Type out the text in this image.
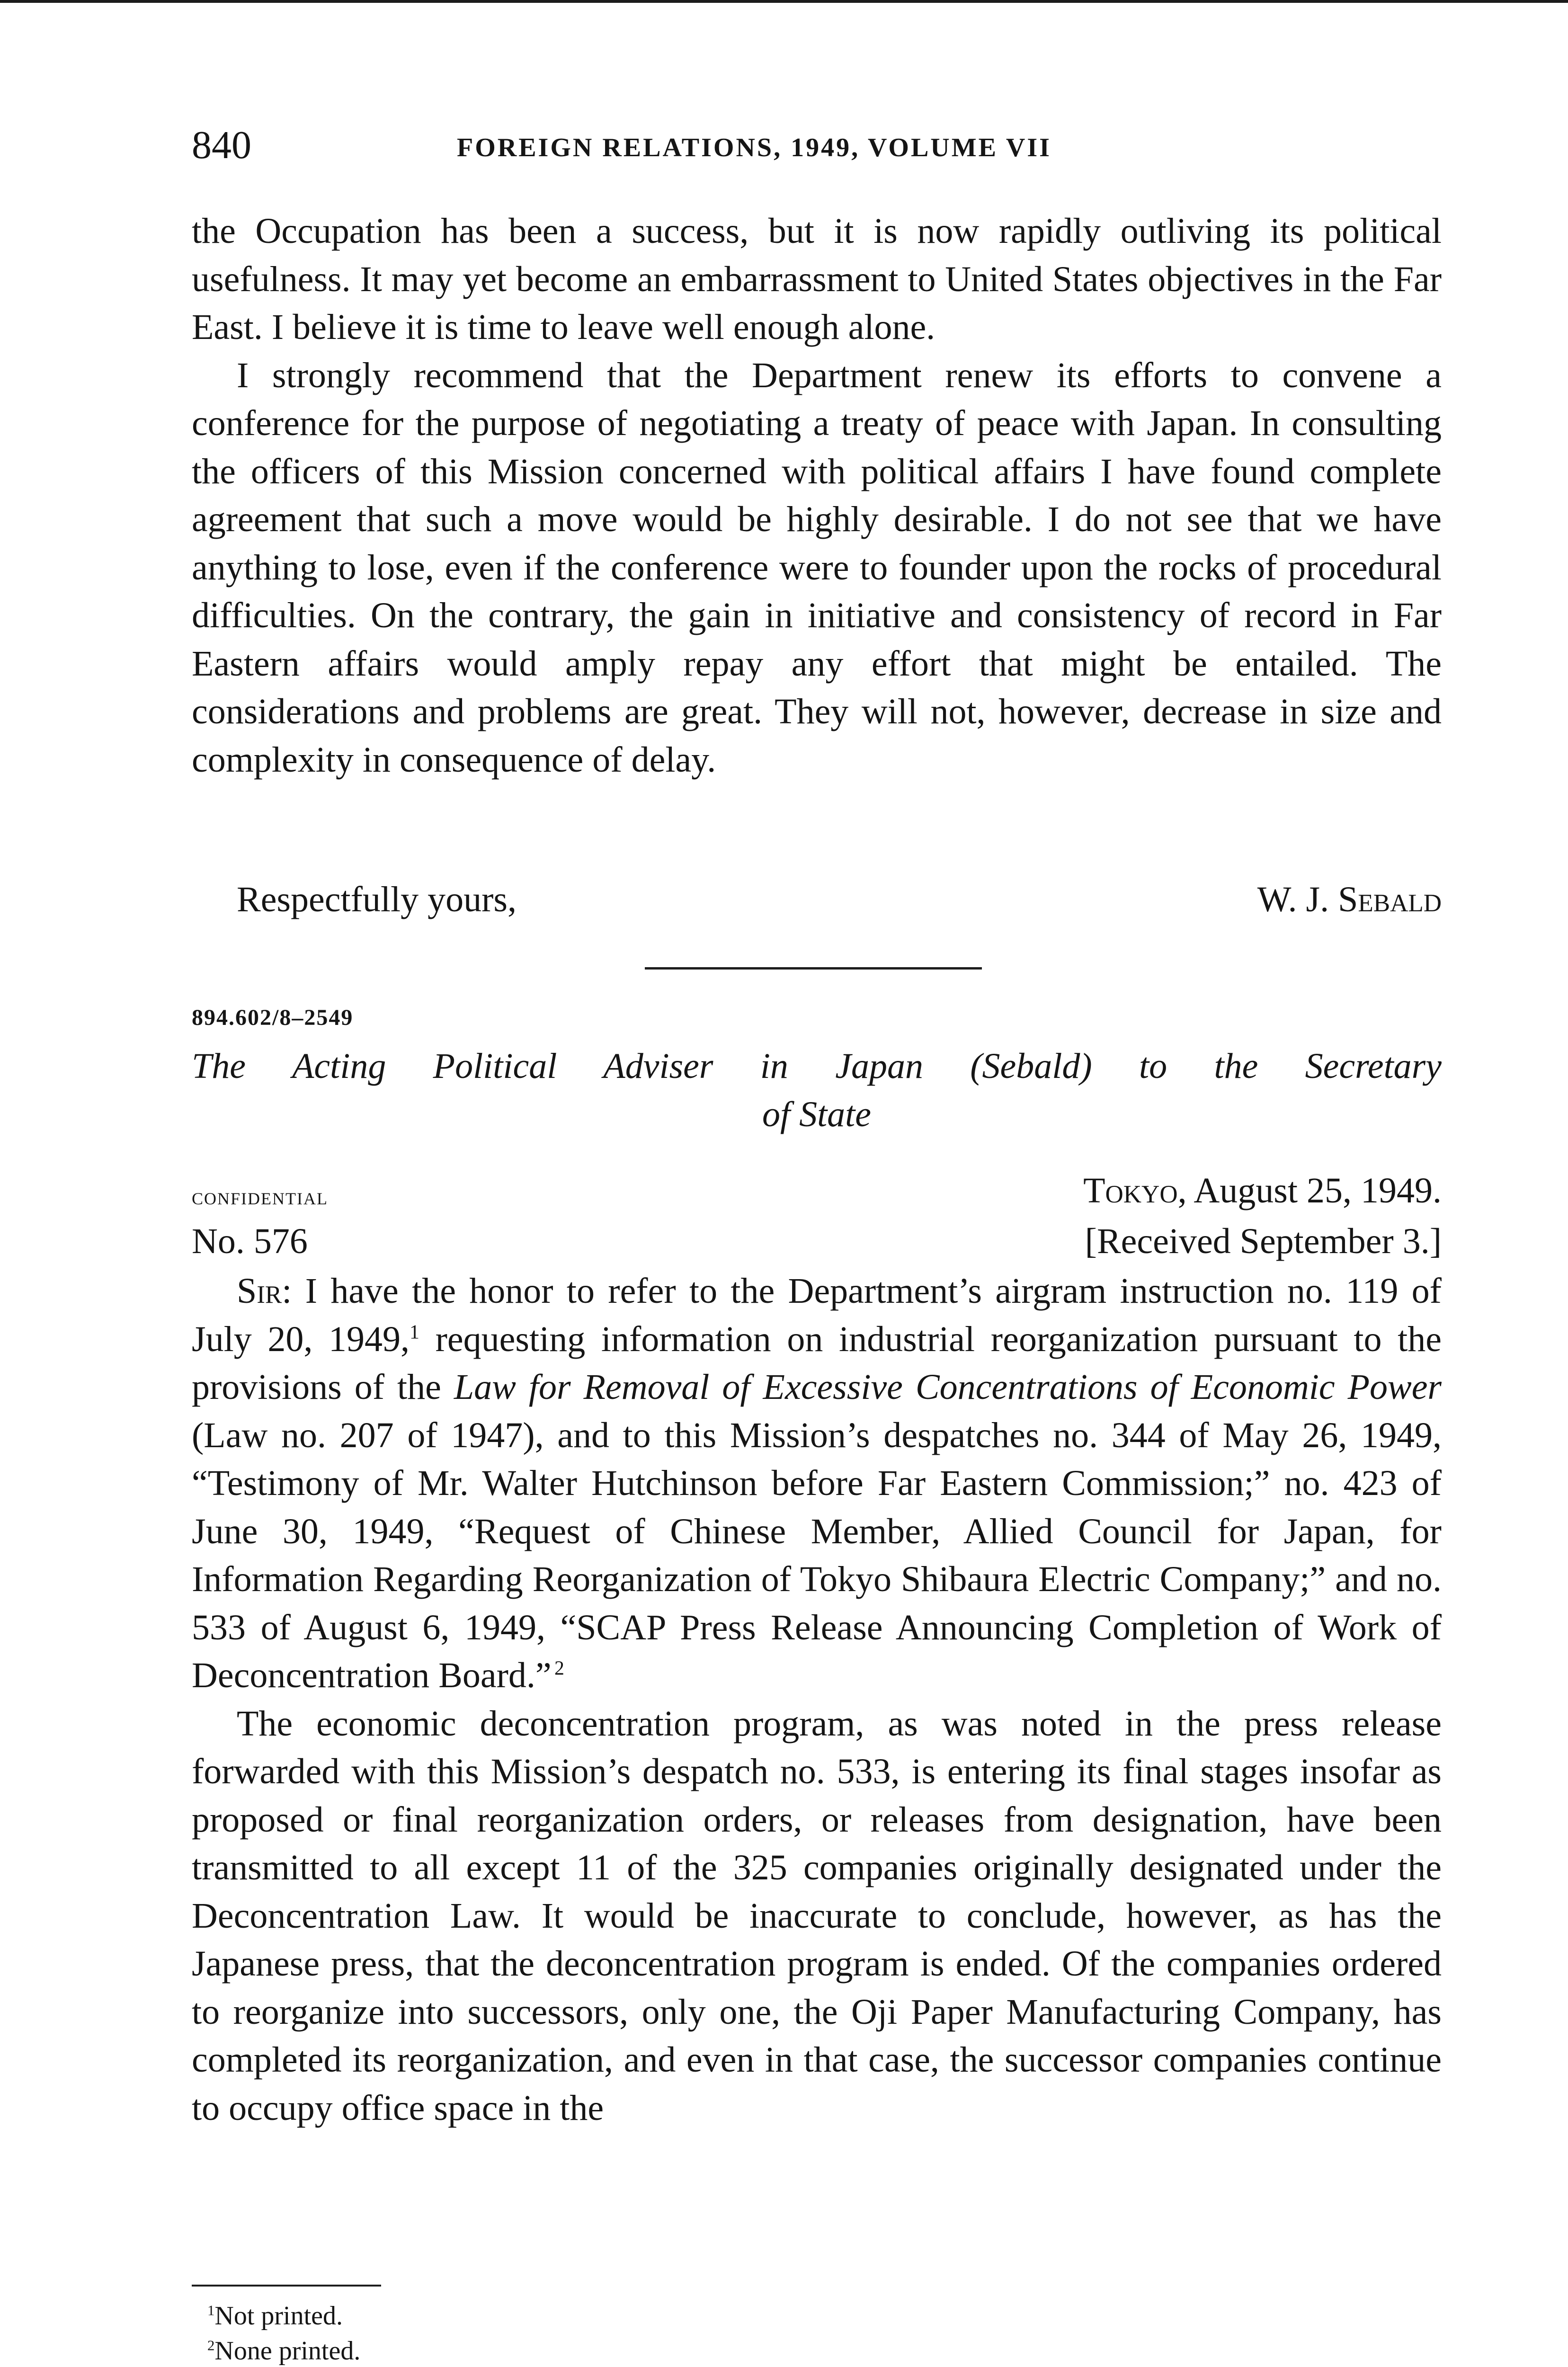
840	FOREIGN RELATIONS, 1949, VOLUME VII

the Occupation has been a success, but it is now rapidly outliving its political usefulness. It may yet become an embarrassment to United States objectives in the Far East. I believe it is time to leave well enough alone.

I strongly recommend that the Department renew its efforts to convene a conference for the purpose of negotiating a treaty of peace with Japan. In consulting the officers of this Mission concerned with political affairs I have found complete agreement that such a move would be highly desirable. I do not see that we have anything to lose, even if the conference were to founder upon the rocks of procedural difficulties. On the contrary, the gain in initiative and consistency of record in Far Eastern affairs would amply repay any effort that might be entailed. The considerations and problems are great. They will not, however, decrease in size and complexity in consequence of delay.

Respectfully yours,	W. J. Sebald
894.602/8–2549
The Acting Political Adviser in Japan (Sebald) to the Secretary
of State
confidential	Tokyo, August 25, 1949.
No. 576	[Received September 3.]

Sir: I have the honor to refer to the Department’s airgram instruction no. 119 of July 20, 1949,$^1$ requesting information on industrial reorganization pursuant to the provisions of the Law for Removal of Excessive Concentrations of Economic Power (Law no. 207 of 1947), and to this Mission’s despatches no. 344 of May 26, 1949, “Testimony of Mr. Walter Hutchinson before Far Eastern Commission;” no. 423 of June 30, 1949, “Request of Chinese Member, Allied Council for Japan, for Information Regarding Reorganization of Tokyo Shibaura Electric Company;” and no. 533 of August 6, 1949, “SCAP Press Release Announcing Completion of Work of Deconcentration Board.”  $^2$

The economic deconcentration program, as was noted in the press release forwarded with this Mission’s despatch no. 533, is entering its final stages insofar as proposed or final reorganization orders, or releases from designation, have been transmitted to all except 11 of the 325 companies originally designated under the Deconcentration Law. It would be inaccurate to conclude, however, as has the Japanese press, that the deconcentration program is ended. Of the companies ordered to reorganize into successors, only one, the Oji Paper Manufacturing Company, has completed its reorganization, and even in that case, the successor companies continue to occupy office space in the

$^1$Not printed.
$^2$None printed.
